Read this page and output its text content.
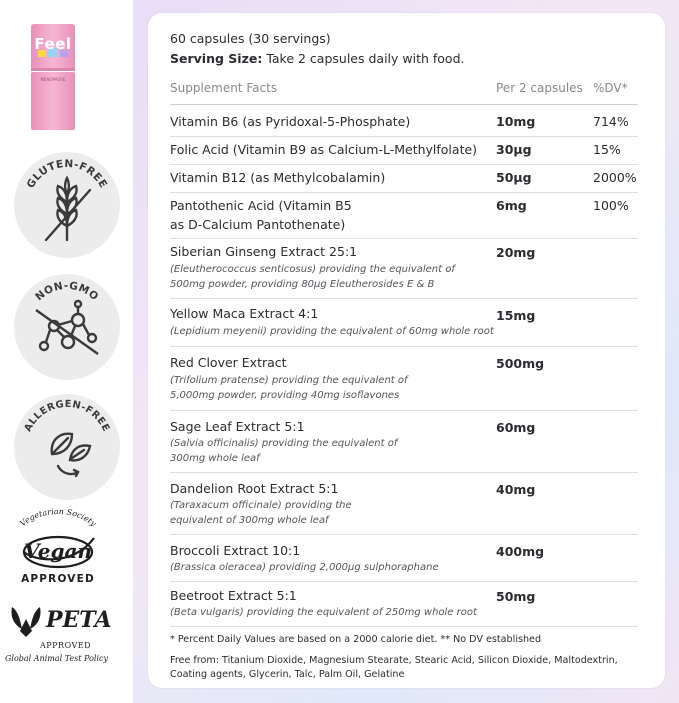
Feel
MENOPAUSE
GLUTEN-FREE
NON-GMO
ALLERGEN-FREE
Vegetarian Society
APPROVED
Vegan
PETA
APPROVED
Global Animal Test Policy
60 capsules (30 servings)
Serving Size: Take 2 capsules daily with food.
Supplement Facts	Per 2 capsules %DV*
Vitamin B6 (as Pyridoxal-5-Phosphate)	10mg	714%
Folic Acid (Vitamin B9 as Calcium-L-Methylfolate) 30µg	15%
Vitamin B12 (as Methylcobalamin)	50µg	2000%
Pantothenic Acid (Vitamin B5
as D-Calcium Pantothenate)
6mg	100%
Siberian Ginseng Extract 25:1
(Eleutherococcus senticosus) providing the equivalent of
500mg powder, providing 80µg Eleutherosides E & B
20mg
Yellow Maca Extract 4:1
(Lepidium meyenii) providing the equivalent of 60mg whole root
15mg
Red Clover Extract
(Trifolium pratense) providing the equivalent of
5,000mg powder, providing 40mg isoflavones
500mg
Sage Leaf Extract 5:1
(Salvia officinalis) providing the equivalent of
300mg whole leaf
60mg
Dandelion Root Extract 5:1
(Taraxacum officinale) providing the
equivalent of 300mg whole leaf
40mg
Broccoli Extract 10:1
(Brassica oleracea) providing 2,000µg sulphoraphane
400mg
Beetroot Extract 5:1
(Beta vulgaris) providing the equivalent of 250mg whole root
50mg
* Percent Daily Values are based on a 2000 calorie diet. ** No DV established
Free from: Titanium Dioxide, Magnesium Stearate, Stearic Acid, Silicon Dioxide, Maltodextrin,
Coating agents, Glycerin, Talc, Palm Oil, Gelatine
